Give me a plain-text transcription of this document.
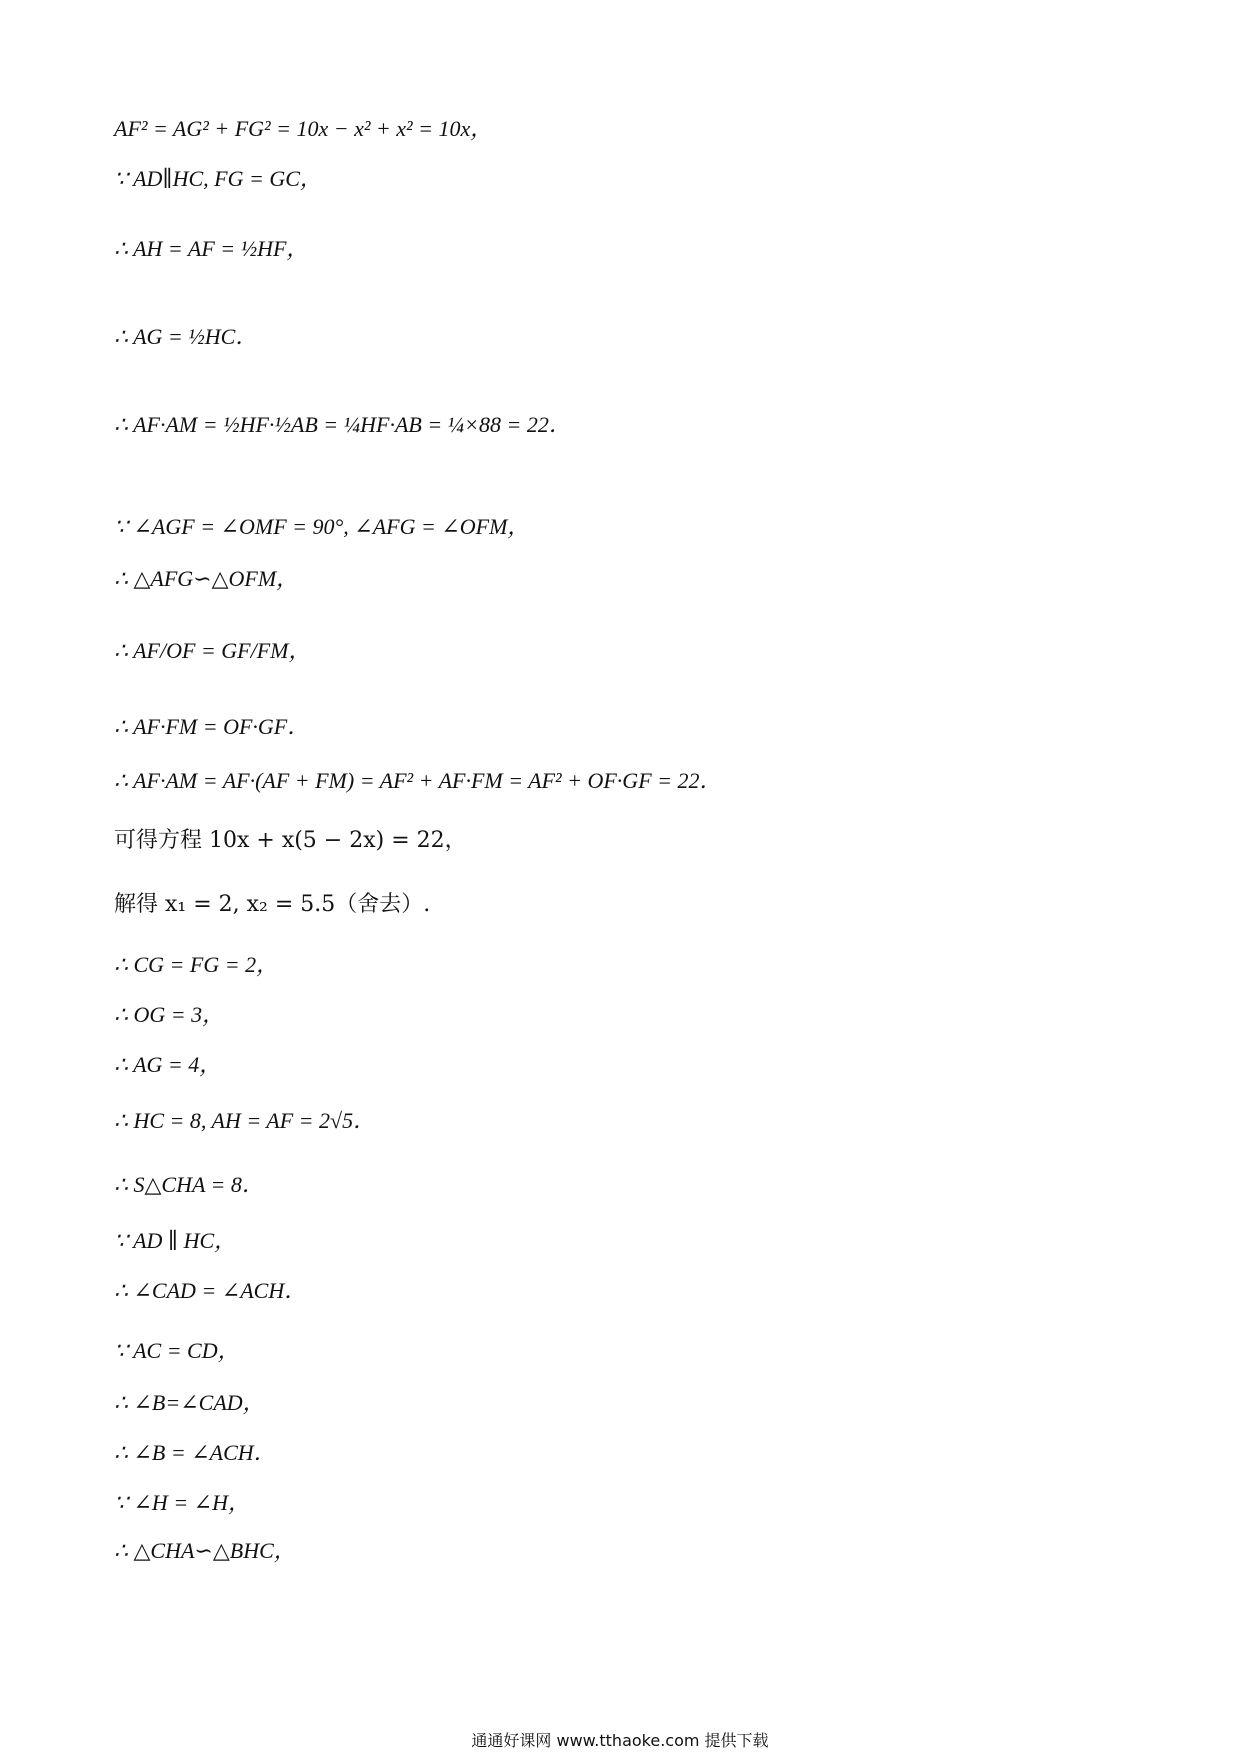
AF² = AG² + FG² = 10x − x² + x² = 10x，
∵ AD∥HC, FG = GC，
∴ AH = AF = ½HF，
∴ AG = ½HC．
∴ AF·AM = ½HF·½AB = ¼HF·AB = ¼×88 = 22．
∵ ∠AGF = ∠OMF = 90°, ∠AFG = ∠OFM，
∴ △AFG∽△OFM，
∴ AF/OF = GF/FM，
∴ AF·FM = OF·GF．
∴ AF·AM = AF·(AF + FM) = AF² + AF·FM = AF² + OF·GF = 22．
可得方程 10x + x(5 − 2x) = 22，
解得 x₁ = 2, x₂ = 5.5（舍去）.
∴ CG = FG = 2，
∴ OG = 3，
∴ AG = 4，
∴ HC = 8, AH = AF = 2√5．
∴ S△CHA = 8．
∵ AD ∥ HC，
∴ ∠CAD = ∠ACH．
∵ AC = CD，
∴ ∠B=∠CAD，
∴ ∠B = ∠ACH．
∵ ∠H = ∠H，
∴ △CHA∽△BHC，
通通好课网 www.tthaoke.com 提供下载
